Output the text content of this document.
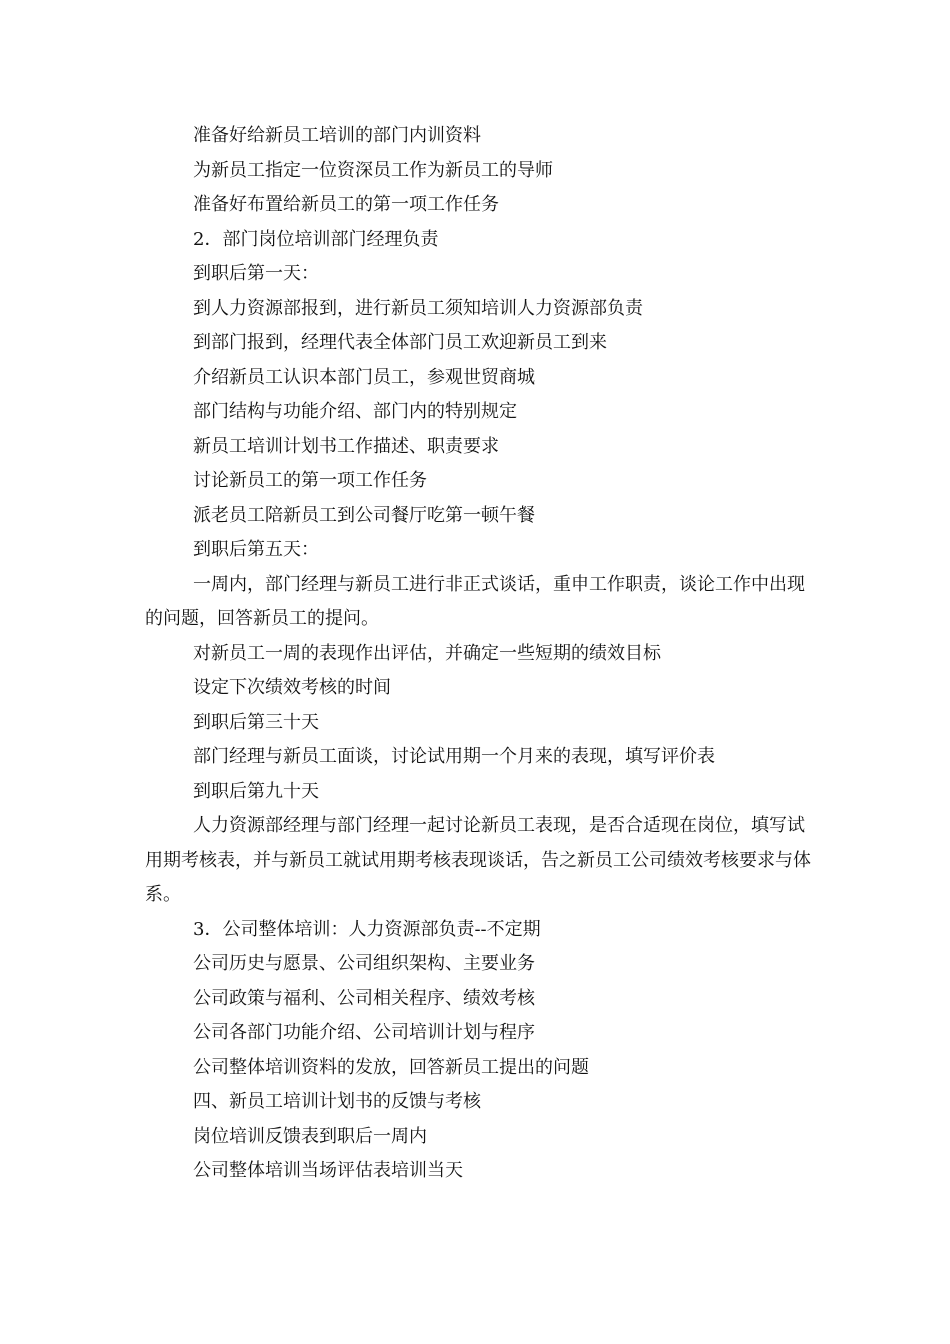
准备好给新员工培训的部门内训资料

为新员工指定一位资深员工作为新员工的导师

准备好布置给新员工的第一项工作任务

2．部门岗位培训部门经理负责

到职后第一天：

到人力资源部报到，进行新员工须知培训人力资源部负责

到部门报到，经理代表全体部门员工欢迎新员工到来

介绍新员工认识本部门员工，参观世贸商城

部门结构与功能介绍、部门内的特别规定

新员工培训计划书工作描述、职责要求

讨论新员工的第一项工作任务

派老员工陪新员工到公司餐厅吃第一顿午餐

到职后第五天：

一周内，部门经理与新员工进行非正式谈话，重申工作职责，谈论工作中出现的问题，回答新员工的提问。

对新员工一周的表现作出评估，并确定一些短期的绩效目标

设定下次绩效考核的时间

到职后第三十天

部门经理与新员工面谈，讨论试用期一个月来的表现，填写评价表

到职后第九十天

人力资源部经理与部门经理一起讨论新员工表现，是否合适现在岗位，填写试用期考核表，并与新员工就试用期考核表现谈话，告之新员工公司绩效考核要求与体系。

3．公司整体培训：人力资源部负责--不定期

公司历史与愿景、公司组织架构、主要业务

公司政策与福利、公司相关程序、绩效考核

公司各部门功能介绍、公司培训计划与程序

公司整体培训资料的发放，回答新员工提出的问题

四、新员工培训计划书的反馈与考核

岗位培训反馈表到职后一周内

公司整体培训当场评估表培训当天
